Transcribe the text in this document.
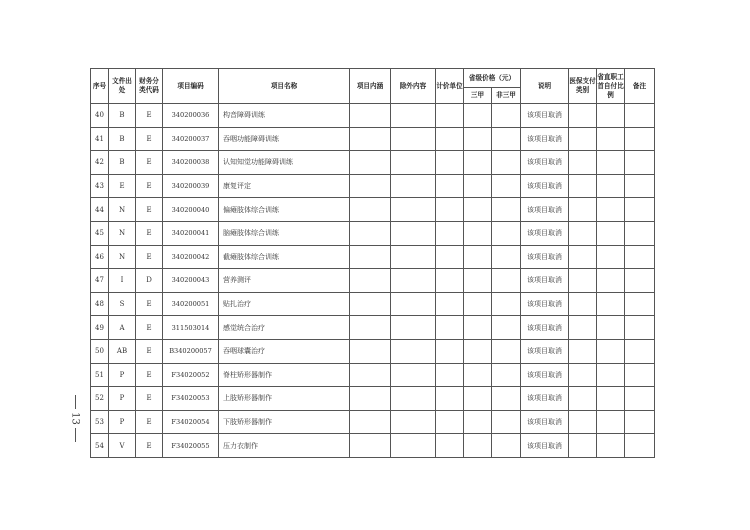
序号	文件出处	财务分类代码	项目编码	项目名称	项目内涵	除外内容	计价单位	省级价格（元）		说明	医保支付类别	省直职工首自付比例	备注
								三甲	非三甲				
40	B	E	340200036	构音障碍训练						该项目取消			
41	B	E	340200037	吞咽功能障碍训练						该项目取消			
42	B	E	340200038	认知知觉功能障碍训练						该项目取消			
43	E	E	340200039	康复评定						该项目取消			
44	N	E	340200040	偏瘫肢体综合训练						该项目取消			
45	N	E	340200041	脑瘫肢体综合训练						该项目取消			
46	N	E	340200042	截瘫肢体综合训练						该项目取消			
47	I	D	340200043	营养测评						该项目取消			
48	S	E	340200051	贴扎治疗						该项目取消			
49	A	E	311503014	感觉统合治疗						该项目取消			
50	AB	E	B340200057	吞咽球囊治疗						该项目取消			
51	P	E	F34020052	脊柱矫形器制作						该项目取消			
52	P	E	F34020053	上肢矫形器制作						该项目取消			
53	P	E	F34020054	下肢矫形器制作						该项目取消			
54	V	E	F34020055	压力衣制作						该项目取消			
13
